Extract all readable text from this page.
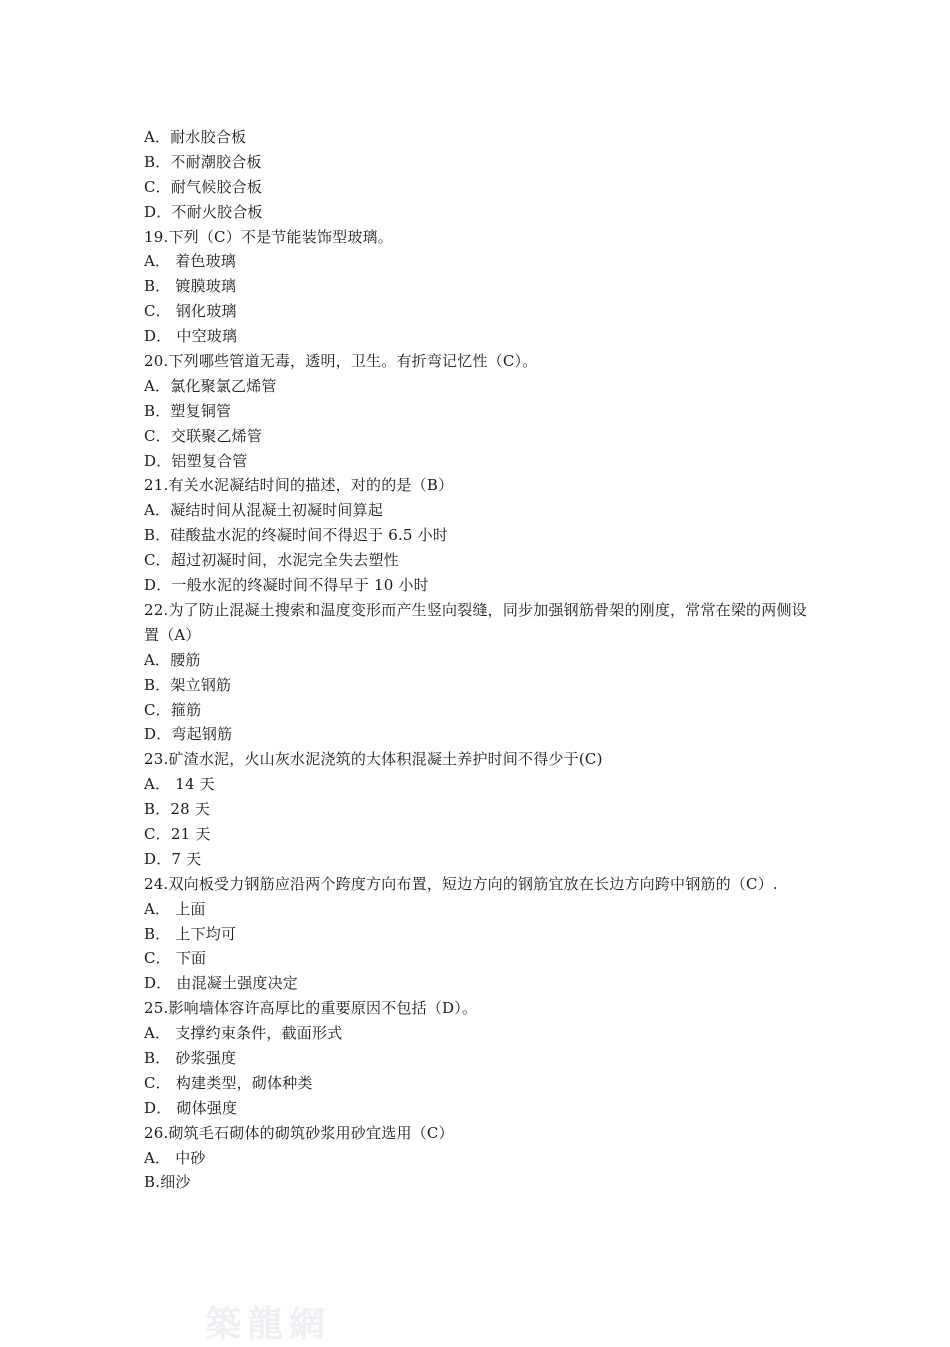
A．耐水胶合板
B．不耐潮胶合板
C．耐气候胶合板
D．不耐火胶合板
19.下列（C）不是节能装饰型玻璃。
A． 着色玻璃
B． 镀膜玻璃
C． 钢化玻璃
D． 中空玻璃
20.下列哪些管道无毒，透明，卫生。有折弯记忆性（C）。
A．氯化聚氯乙烯管
B．塑复铜管
C．交联聚乙烯管
D．铝塑复合管
21.有关水泥凝结时间的描述，对的的是（B）
A．凝结时间从混凝土初凝时间算起
B．硅酸盐水泥的终凝时间不得迟于 6.5 小时
C．超过初凝时间，水泥完全失去塑性
D．一般水泥的终凝时间不得早于 10 小时
22.为了防止混凝土搜索和温度变形而产生竖向裂缝，同步加强钢筋骨架的刚度，常常在梁的两侧设置（A）
A．腰筋
B．架立钢筋
C．箍筋
D．弯起钢筋
23.矿渣水泥，火山灰水泥浇筑的大体积混凝土养护时间不得少于(C)
A． 14 天
B．28 天
C．21 天
D．7 天
24.双向板受力钢筋应沿两个跨度方向布置，短边方向的钢筋宜放在长边方向跨中钢筋的（C）.
A． 上面
B． 上下均可
C． 下面
D． 由混凝土强度决定
25.影响墙体容许高厚比的重要原因不包括（D）。
A． 支撑约束条件，截面形式
B． 砂浆强度
C． 构建类型，砌体种类
D． 砌体强度
26.砌筑毛石砌体的砌筑砂浆用砂宜选用（C）
A． 中砂
B.细沙
築龍網
